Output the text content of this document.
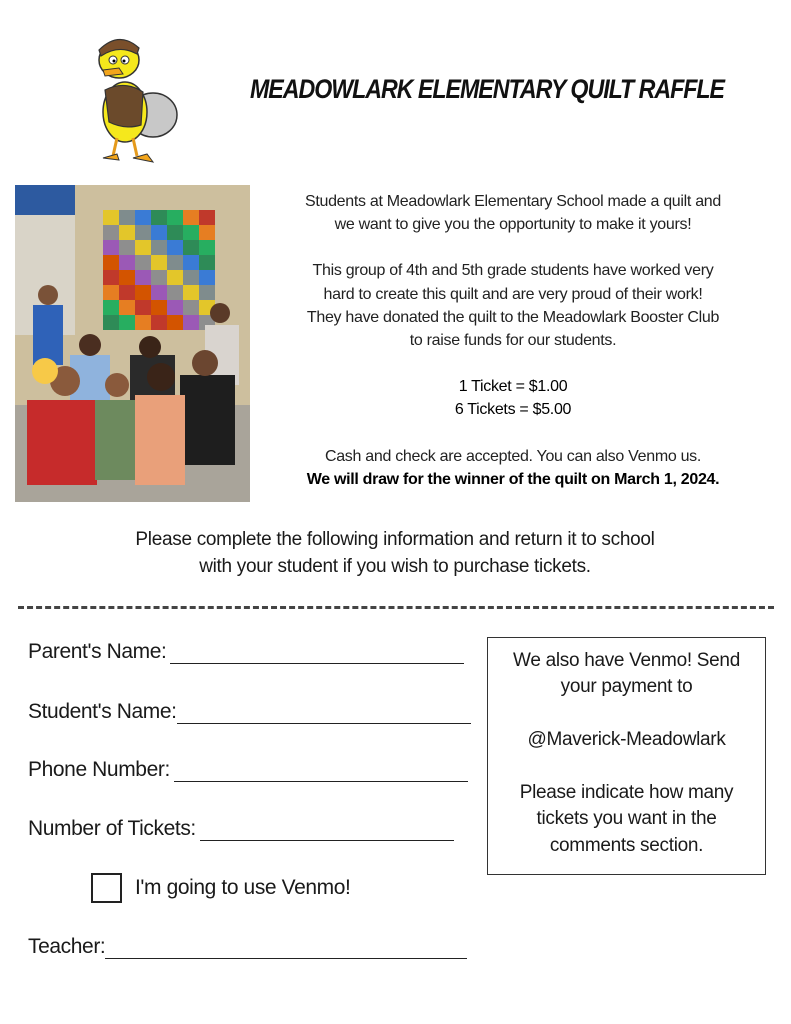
MEADOWLARK ELEMENTARY QUILT RAFFLE

Students at Meadowlark Elementary School made a quilt and
we want to give you the opportunity to make it yours!

This group of 4th and 5th grade students have worked very
hard to create this quilt and are very proud of their work!
They have donated the quilt to the Meadowlark Booster Club
to raise funds for our students.

1 Ticket = $1.00
6 Tickets = $5.00

Cash and check are accepted. You can also Venmo us.
We will draw for the winner of the quilt on March 1, 2024.

Please complete the following information and return it to school
with your student if you wish to purchase tickets.
Parent's Name:
Student's Name:
Phone Number:
Number of Tickets:
I'm going to use Venmo!
Teacher:

We also have Venmo! Send
your payment to

@Maverick-Meadowlark

Please indicate how many
tickets you want in the
comments section.
